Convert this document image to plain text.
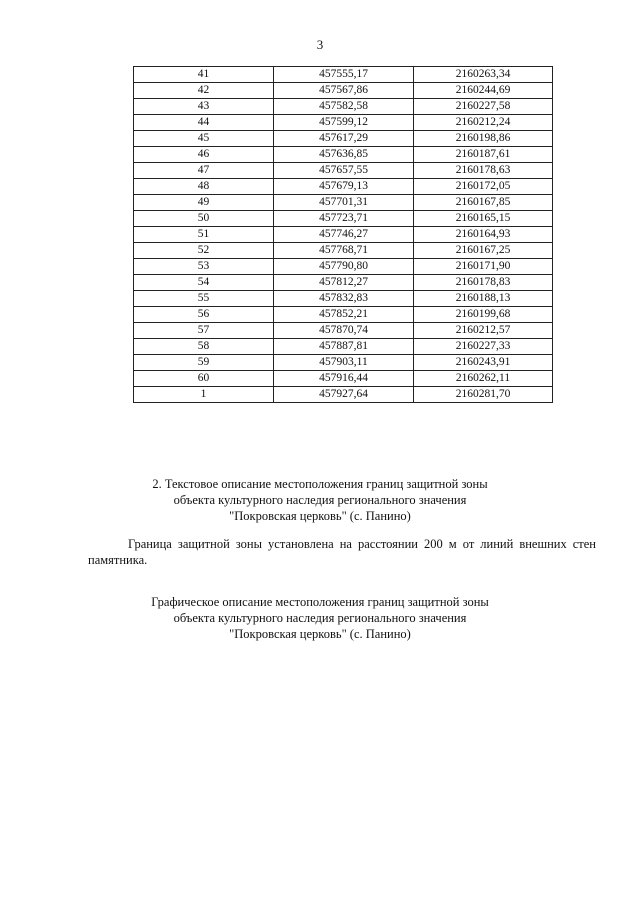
3
41	457555,17	2160263,34
42	457567,86	2160244,69
43	457582,58	2160227,58
44	457599,12	2160212,24
45	457617,29	2160198,86
46	457636,85	2160187,61
47	457657,55	2160178,63
48	457679,13	2160172,05
49	457701,31	2160167,85
50	457723,71	2160165,15
51	457746,27	2160164,93
52	457768,71	2160167,25
53	457790,80	2160171,90
54	457812,27	2160178,83
55	457832,83	2160188,13
56	457852,21	2160199,68
57	457870,74	2160212,57
58	457887,81	2160227,33
59	457903,11	2160243,91
60	457916,44	2160262,11
1	457927,64	2160281,70
2. Текстовое описание местоположения границ защитной зоны
объекта культурного наследия регионального значения
"Покровская церковь" (с. Панино)
Граница защитной зоны установлена на расстоянии 200 м от линий внешних стен памятника.
Графическое описание местоположения границ защитной зоны
объекта культурного наследия регионального значения
"Покровская церковь" (с. Панино)
